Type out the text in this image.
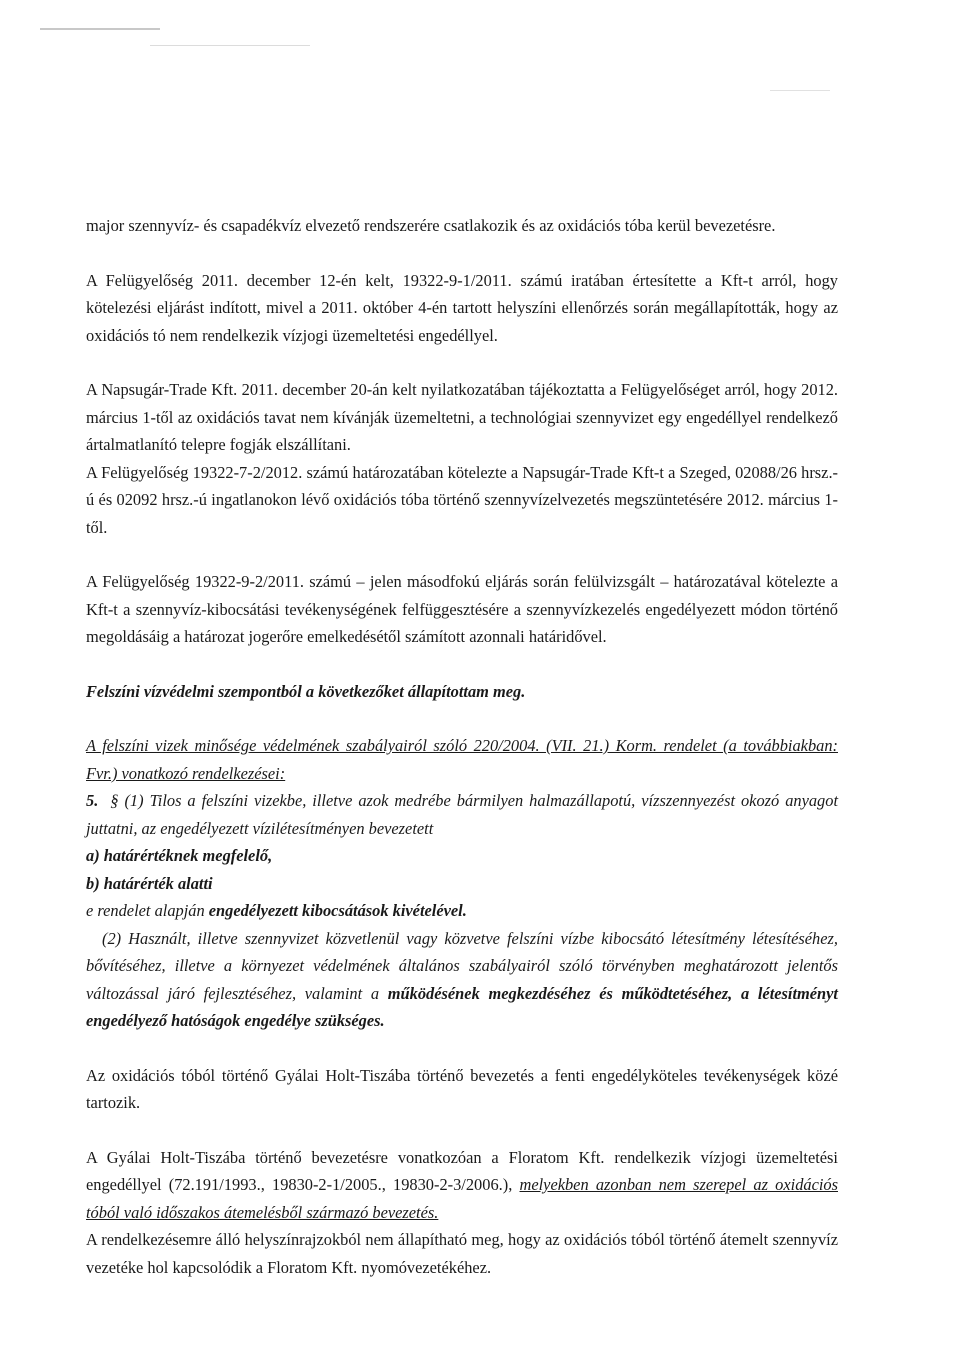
major szennyvíz- és csapadékvíz elvezető rendszerére csatlakozik és az oxidációs tóba kerül bevezetésre.

A Felügyelőség 2011. december 12-én kelt, 19322-9-1/2011. számú iratában értesítette a Kft-t arról, hogy kötelezési eljárást indított, mivel a 2011. október 4-én tartott helyszíni ellenőrzés során megállapították, hogy az oxidációs tó nem rendelkezik vízjogi üzemeltetési engedéllyel.

A Napsugár-Trade Kft. 2011. december 20-án kelt nyilatkozatában tájékoztatta a Felügyelőséget arról, hogy 2012. március 1-től az oxidációs tavat nem kívánják üzemeltetni, a technológiai szennyvizet egy engedéllyel rendelkező ártalmatlanító telepre fogják elszállítani.

A Felügyelőség 19322-7-2/2012. számú határozatában kötelezte a Napsugár-Trade Kft-t a Szeged, 02088/26 hrsz.-ú és 02092 hrsz.-ú ingatlanokon lévő oxidációs tóba történő szennyvízelvezetés megszüntetésére 2012. március 1-től.

A Felügyelőség 19322-9-2/2011. számú – jelen másodfokú eljárás során felülvizsgált – határozatával kötelezte a Kft-t a szennyvíz-kibocsátási tevékenységének felfüggesztésére a szennyvízkezelés engedélyezett módon történő megoldásáig a határozat jogerőre emelkedésétől számított azonnali határidővel.

Felszíni vízvédelmi szempontból a következőket állapítottam meg.

A felszíni vizek minősége védelmének szabályairól szóló 220/2004. (VII. 21.) Korm. rendelet (a továbbiakban: Fvr.) vonatkozó rendelkezései:

5. § (1) Tilos a felszíni vizekbe, illetve azok medrébe bármilyen halmazállapotú, vízszennyezést okozó anyagot juttatni, az engedélyezett vízilétesítményen bevezetett

a) határértéknek megfelelő,

b) határérték alatti

e rendelet alapján engedélyezett kibocsátások kivételével.

(2) Használt, illetve szennyvizet közvetlenül vagy közvetve felszíni vízbe kibocsátó létesítmény létesítéséhez, bővítéséhez, illetve a környezet védelmének általános szabályairól szóló törvényben meghatározott jelentős változással járó fejlesztéséhez, valamint a működésének megkezdéséhez és működtetéséhez, a létesítményt engedélyező hatóságok engedélye szükséges.

Az oxidációs tóból történő Gyálai Holt-Tiszába történő bevezetés a fenti engedélyköteles tevékenységek közé tartozik.

A Gyálai Holt-Tiszába történő bevezetésre vonatkozóan a Floratom Kft. rendelkezik vízjogi üzemeltetési engedéllyel (72.191/1993., 19830-2-1/2005., 19830-2-3/2006.), melyekben azonban nem szerepel az oxidációs tóból való időszakos átemelésből származó bevezetés.

A rendelkezésemre álló helyszínrajzokból nem állapítható meg, hogy az oxidációs tóból történő átemelt szennyvíz vezetéke hol kapcsolódik a Floratom Kft. nyomóvezetékéhez.
